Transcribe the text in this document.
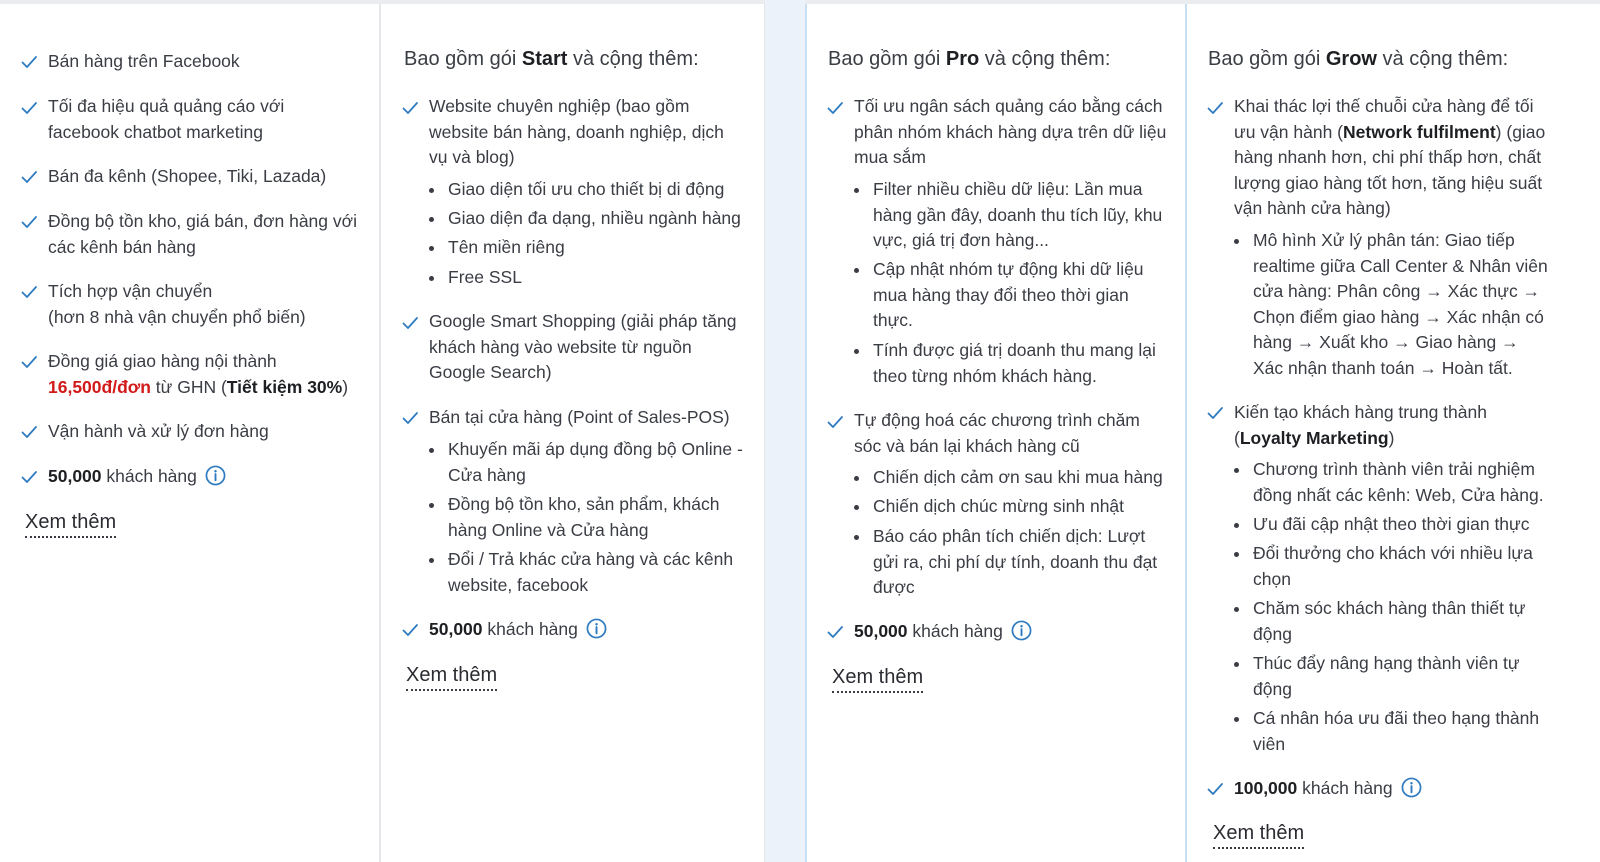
Bán hàng trên Facebook
Tối đa hiệu quả quảng cáo với facebook chatbot marketing
Bán đa kênh (Shopee, Tiki, Lazada)
Đồng bộ tồn kho, giá bán, đơn hàng với các kênh bán hàng
Tích hợp vận chuyển
(hơn 8 nhà vận chuyển phổ biến)
Đồng giá giao hàng nội thành
16,500đ/đơn từ GHN (Tiết kiệm 30%)
Vận hành và xử lý đơn hàng
50,000 khách hàng
Xem thêm
Bao gồm gói Start và cộng thêm:
Website chuyên nghiệp (bao gồm website bán hàng, doanh nghiệp, dịch vụ và blog)
Giao diện tối ưu cho thiết bị di động
Giao diện đa dạng, nhiều ngành hàng
Tên miền riêng
Free SSL
Google Smart Shopping (giải pháp tăng khách hàng vào website từ nguồn Google Search)
Bán tại cửa hàng (Point of Sales-POS)
Khuyến mãi áp dụng đồng bộ Online - Cửa hàng
Đồng bộ tồn kho, sản phẩm, khách hàng Online và Cửa hàng
Đổi / Trả khác cửa hàng và các kênh website, facebook
50,000 khách hàng
Xem thêm
Bao gồm gói Pro và cộng thêm:
Tối ưu ngân sách quảng cáo bằng cách phân nhóm khách hàng dựa trên dữ liệu mua sắm
Filter nhiều chiều dữ liệu: Lần mua hàng gần đây, doanh thu tích lũy, khu vực, giá trị đơn hàng...
Cập nhật nhóm tự động khi dữ liệu mua hàng thay đổi theo thời gian thực.
Tính được giá trị doanh thu mang lại theo từng nhóm khách hàng.
Tự động hoá các chương trình chăm sóc và bán lại khách hàng cũ
Chiến dịch cảm ơn sau khi mua hàng
Chiến dịch chúc mừng sinh nhật
Báo cáo phân tích chiến dịch: Lượt gửi ra, chi phí dự tính, doanh thu đạt được
50,000 khách hàng
Xem thêm
Bao gồm gói Grow và cộng thêm:
Khai thác lợi thế chuỗi cửa hàng để tối ưu vận hành (Network fulfilment) (giao hàng nhanh hơn, chi phí thấp hơn, chất lượng giao hàng tốt hơn, tăng hiệu suất vận hành cửa hàng)
Mô hình Xử lý phân tán: Giao tiếp realtime giữa Call Center & Nhân viên cửa hàng: Phân công → Xác thực → Chọn điểm giao hàng → Xác nhận có hàng → Xuất kho → Giao hàng → Xác nhận thanh toán → Hoàn tất.
Kiến tạo khách hàng trung thành (Loyalty Marketing)
Chương trình thành viên trải nghiệm đồng nhất các kênh: Web, Cửa hàng.
Ưu đãi cập nhật theo thời gian thực
Đổi thưởng cho khách với nhiều lựa chọn
Chăm sóc khách hàng thân thiết tự động
Thúc đẩy nâng hạng thành viên tự động
Cá nhân hóa ưu đãi theo hạng thành viên
100,000 khách hàng
Xem thêm
